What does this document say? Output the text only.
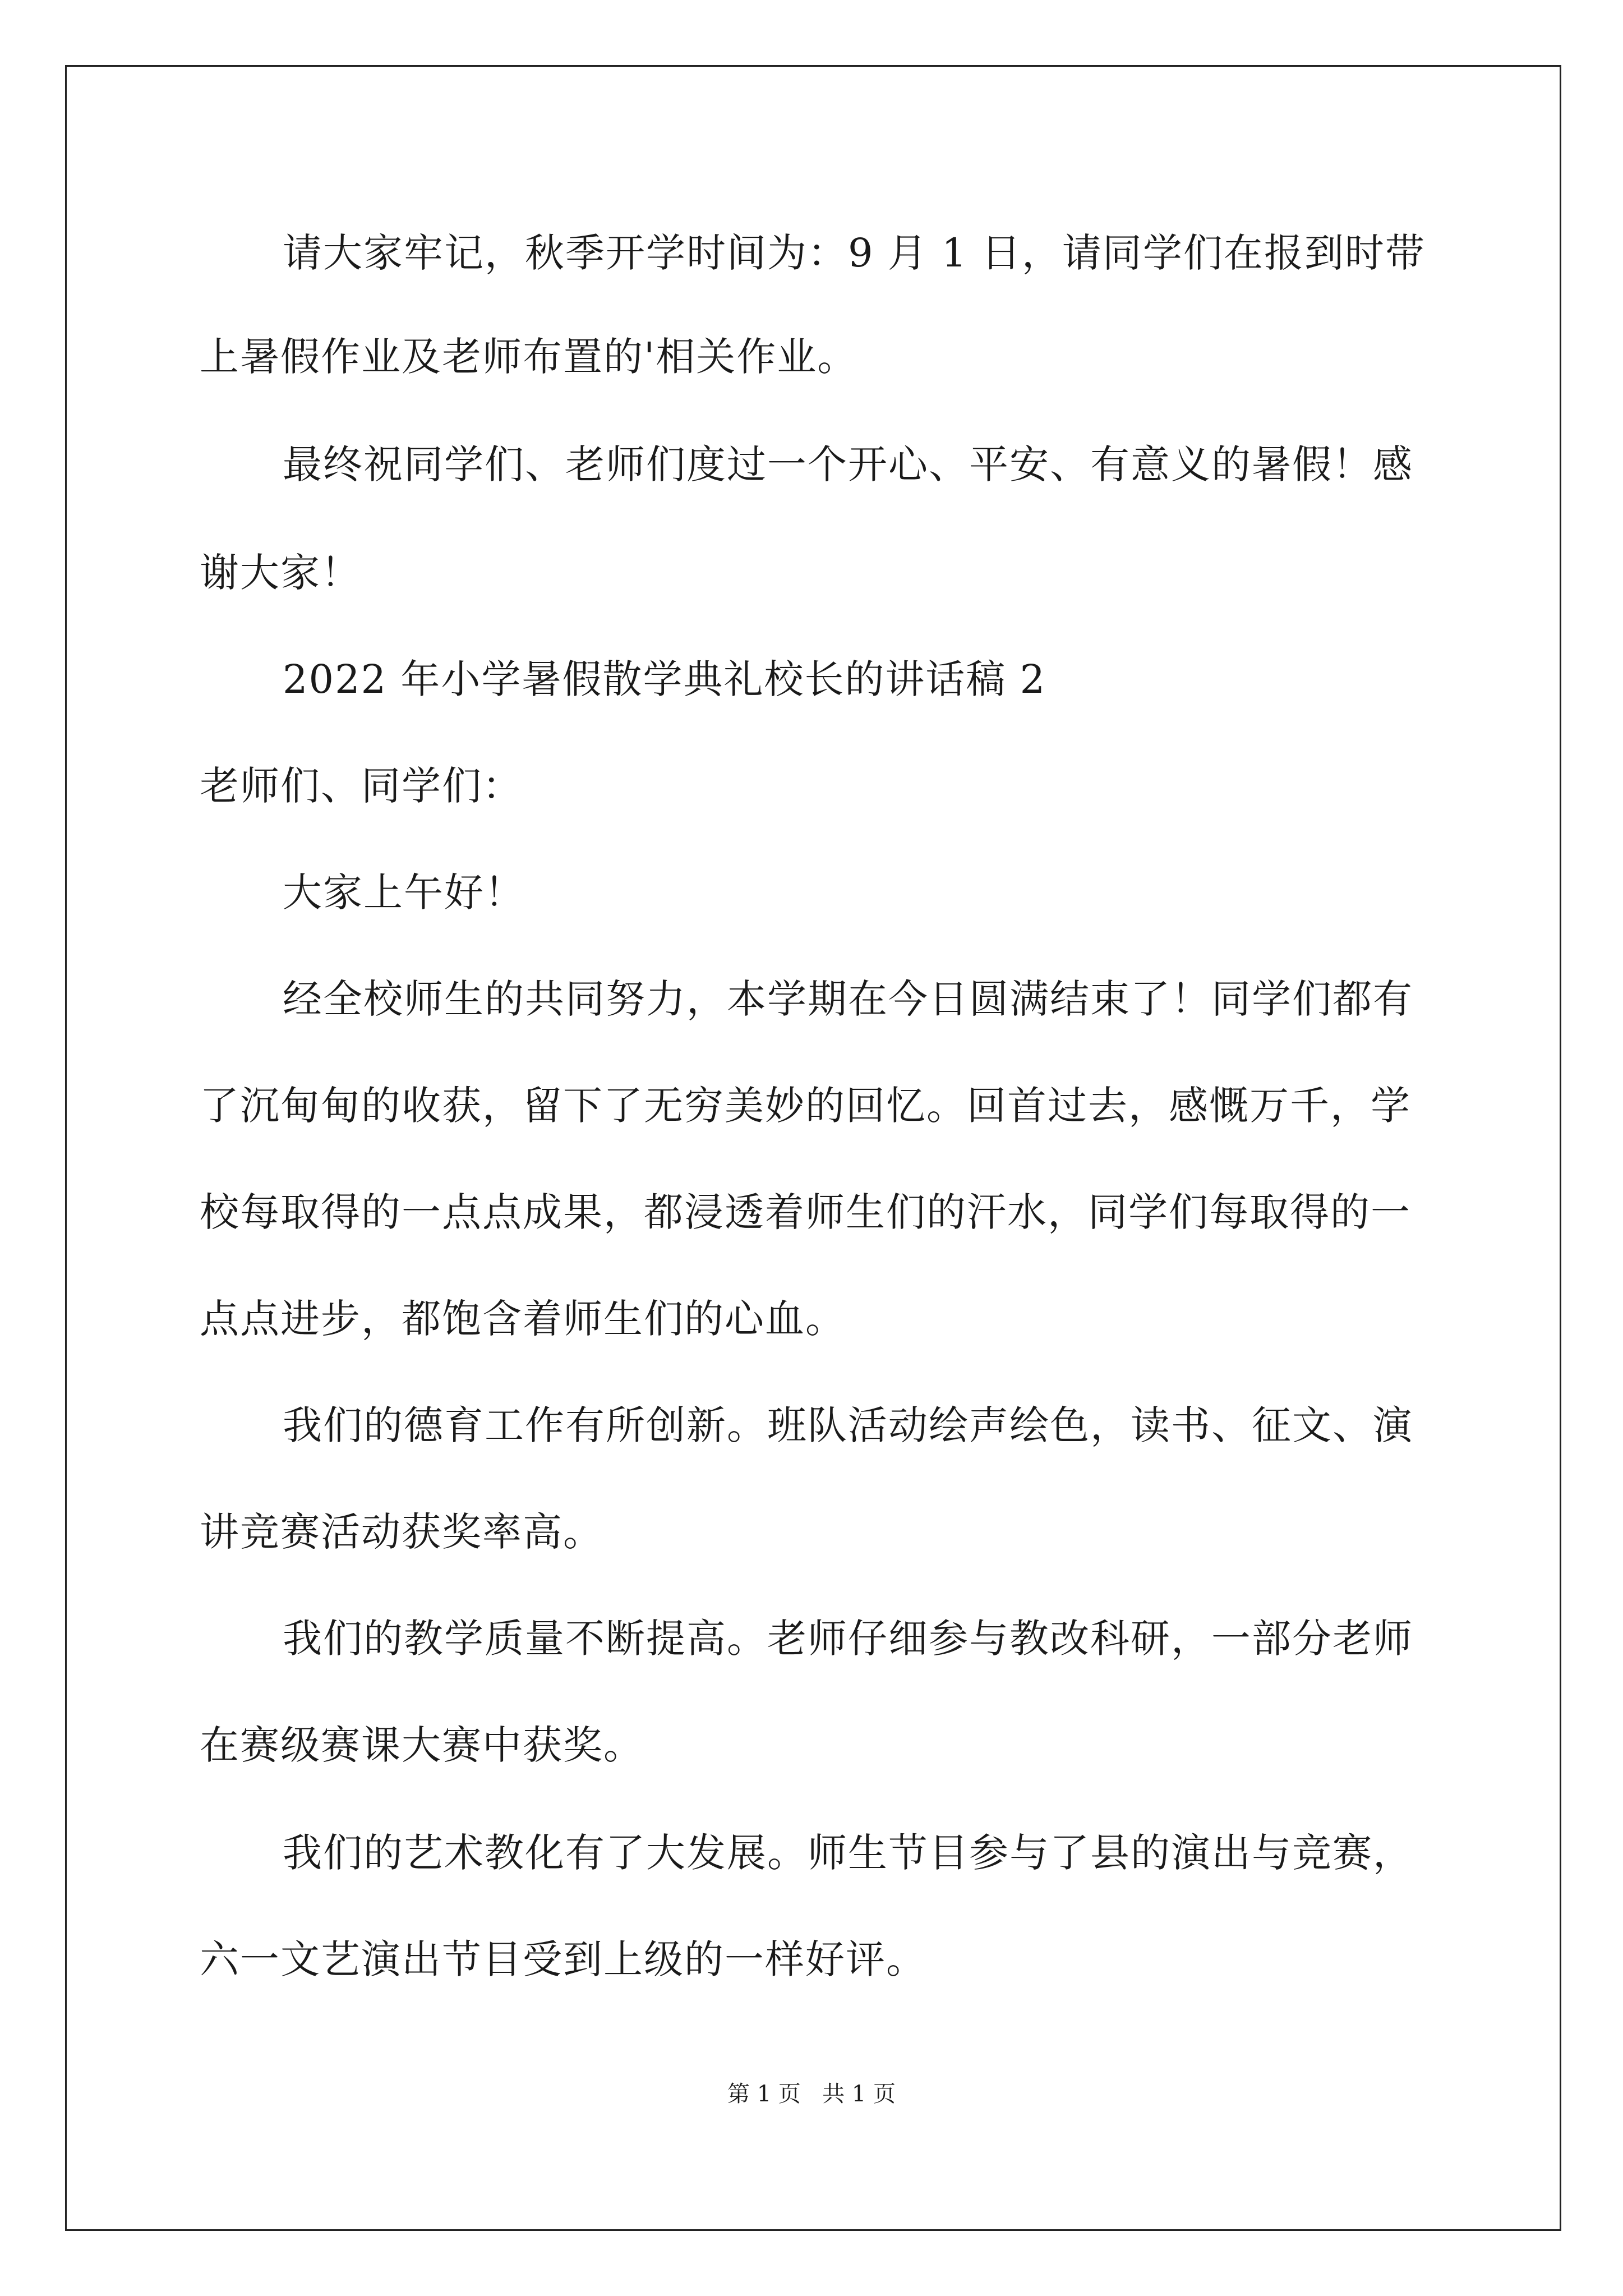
请大家牢记，秋季开学时间为：9 月 1 日，请同学们在报到时带
上暑假作业及老师布置的'相关作业。
最终祝同学们、老师们度过一个开心、平安、有意义的暑假！感
谢大家！
2022 年小学暑假散学典礼校长的讲话稿 2
老师们、同学们：
大家上午好！
经全校师生的共同努力，本学期在今日圆满结束了！同学们都有
了沉甸甸的收获，留下了无穷美妙的回忆。回首过去，感慨万千，学
校每取得的一点点成果，都浸透着师生们的汗水，同学们每取得的一
点点进步，都饱含着师生们的心血。
我们的德育工作有所创新。班队活动绘声绘色，读书、征文、演
讲竞赛活动获奖率高。
我们的教学质量不断提高。老师仔细参与教改科研，一部分老师
在赛级赛课大赛中获奖。
我们的艺术教化有了大发展。师生节目参与了县的演出与竞赛，
六一文艺演出节目受到上级的一样好评。
第 1 页   共 1 页
